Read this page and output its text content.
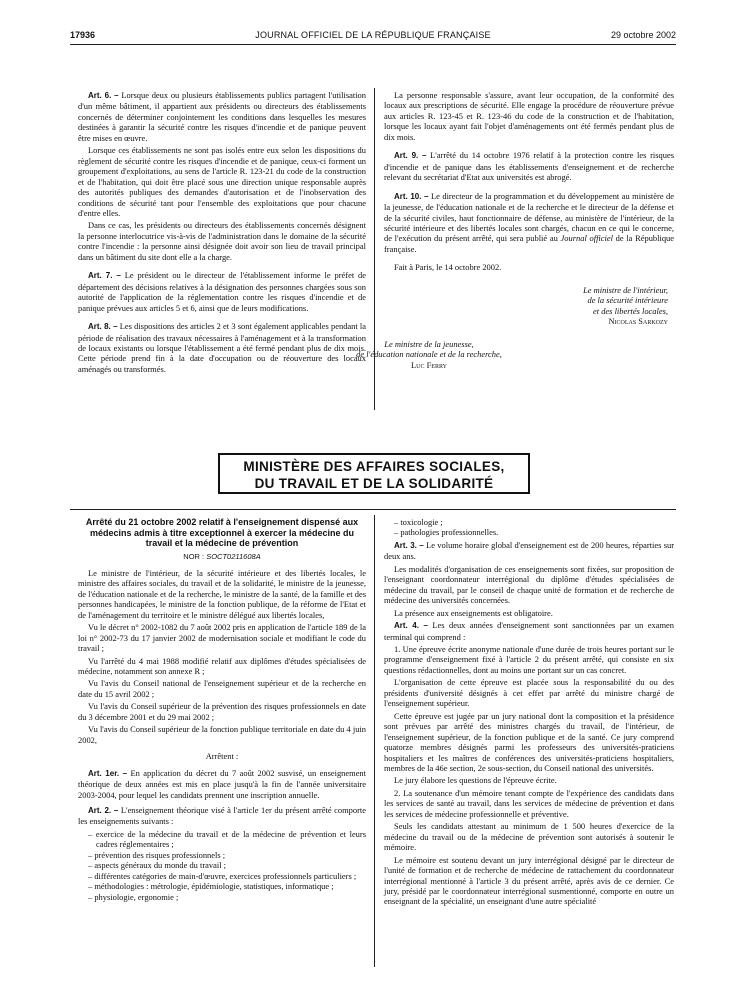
17936	JOURNAL OFFICIEL DE LA RÉPUBLIQUE FRANÇAISE	29 octobre 2002

Art. 6. – Lorsque deux ou plusieurs établissements publics partagent l'utilisation d'un même bâtiment, il appartient aux présidents ou directeurs des établissements concernés de déterminer conjointement les conditions dans lesquelles les mesures destinées à garantir la sécurité contre les risques d'incendie et de panique peuvent être mises en œuvre.

Lorsque ces établissements ne sont pas isolés entre eux selon les dispositions du règlement de sécurité contre les risques d'incendie et de panique, ceux-ci forment un groupement d'exploitations, au sens de l'article R. 123-21 du code de la construction et de l'habitation, qui doit être placé sous une direction unique responsable auprès des autorités publiques des demandes d'autorisation et de l'inobservation des conditions de sécurité tant pour l'ensemble des exploitations que pour chacune d'entre elles.

Dans ce cas, les présidents ou directeurs des établissements concernés désignent la personne interlocutrice vis-à-vis de l'administration dans le domaine de la sécurité contre l'incendie : la personne ainsi désignée doit avoir son lieu de travail principal dans un bâtiment du site dont elle a la charge.

Art. 7. – Le président ou le directeur de l'établissement informe le préfet de département des décisions relatives à la désignation des personnes chargées sous son autorité de l'application de la réglementation contre les risques d'incendie et de panique prévues aux articles 5 et 6, ainsi que de leurs modifications.

Art. 8. – Les dispositions des articles 2 et 3 sont également applicables pendant la période de réalisation des travaux nécessaires à l'aménagement et à la transformation de locaux existants ou lorsque l'établissement a été fermé pendant plus de dix mois. Cette période prend fin à la date d'occupation ou de réouverture des locaux aménagés ou transformés.

La personne responsable s'assure, avant leur occupation, de la conformité des locaux aux prescriptions de sécurité. Elle engage la procédure de réouverture prévue aux articles R. 123-45 et R. 123-46 du code de la construction et de l'habitation, lorsque les locaux ayant fait l'objet d'aménagements ont été fermés pendant plus de dix mois.

Art. 9. – L'arrêté du 14 octobre 1976 relatif à la protection contre les risques d'incendie et de panique dans les établissements d'enseignement et de recherche relevant du secrétariat d'Etat aux universités est abrogé.

Art. 10. – Le directeur de la programmation et du développement au ministère de la jeunesse, de l'éducation nationale et de la recherche et le directeur de la défense et de la sécurité civiles, haut fonctionnaire de défense, au ministère de l'intérieur, de la sécurité intérieure et des libertés locales sont chargés, chacun en ce qui le concerne, de l'exécution du présent arrêté, qui sera publié au Journal officiel de la République française.

Fait à Paris, le 14 octobre 2002.

Le ministre de l'intérieur,

de la sécurité intérieure

et des libertés locales,

Nicolas Sarkozy

Le ministre de la jeunesse,

de l'éducation nationale et de la recherche,

Luc Ferry

MINISTÈRE DES AFFAIRES SOCIALES,
DU TRAVAIL ET DE LA SOLIDARITÉ

Arrêté du 21 octobre 2002 relatif à l'enseignement dispensé aux médecins admis à titre exceptionnel à exercer la médecine du travail et la médecine de prévention

NOR : SOCT0211608A

Le ministre de l'intérieur, de la sécurité intérieure et des libertés locales, le ministre des affaires sociales, du travail et de la solidarité, le ministre de la jeunesse, de l'éducation nationale et de la recherche, le ministre de la santé, de la famille et des personnes handicapées, le ministre de la fonction publique, de la réforme de l'Etat et de l'aménagement du territoire et le ministre délégué aux libertés locales,

Vu le décret n° 2002-1082 du 7 août 2002 pris en application de l'article 189 de la loi n° 2002-73 du 17 janvier 2002 de modernisation sociale et modifiant le code du travail ;

Vu l'arrêté du 4 mai 1988 modifié relatif aux diplômes d'études spécialisées de médecine, notamment son annexe R ;

Vu l'avis du Conseil national de l'enseignement supérieur et de la recherche en date du 15 avril 2002 ;

Vu l'avis du Conseil supérieur de la prévention des risques professionnels en date du 3 décembre 2001 et du 29 mai 2002 ;

Vu l'avis du Conseil supérieur de la fonction publique territoriale en date du 4 juin 2002,

Arrêtent :

Art. 1er. – En application du décret du 7 août 2002 susvisé, un enseignement théorique de deux années est mis en place jusqu'à la fin de l'année universitaire 2003-2004, pour lequel les candidats prennent une inscription annuelle.

Art. 2. – L'enseignement théorique visé à l'article 1er du présent arrêté comporte les enseignements suivants :

– exercice de la médecine du travail et de la médecine de prévention et leurs cadres réglementaires ;
– prévention des risques professionnels ;
– aspects généraux du monde du travail ;
– différentes catégories de main-d'œuvre, exercices professionnels particuliers ;
– méthodologies : métrologie, épidémiologie, statistiques, informatique ;
– physiologie, ergonomie ;
– toxicologie ;
– pathologies professionnelles.

Art. 3. – Le volume horaire global d'enseignement est de 200 heures, réparties sur deux ans.

Les modalités d'organisation de ces enseignements sont fixées, sur proposition de l'enseignant coordonnateur interrégional du diplôme d'études spécialisées de médecine du travail, par le conseil de chaque unité de formation et de recherche de médecine des universités concernées.

La présence aux enseignements est obligatoire.

Art. 4. – Les deux années d'enseignement sont sanctionnées par un examen terminal qui comprend :

1. Une épreuve écrite anonyme nationale d'une durée de trois heures portant sur le programme d'enseignement fixé à l'article 2 du présent arrêté, qui consiste en six questions rédactionnelles, dont au moins une portant sur un cas concret.

L'organisation de cette épreuve est placée sous la responsabilité du ou des présidents d'université désignés à cet effet par arrêté du ministre chargé de l'enseignement supérieur.

Cette épreuve est jugée par un jury national dont la composition et la présidence sont prévues par arrêté des ministres chargés du travail, de l'intérieur, de l'enseignement supérieur, de la fonction publique et de la santé. Ce jury comprend quatorze membres désignés parmi les professeurs des universités-praticiens hospitaliers et les maîtres de conférences des universités-praticiens hospitaliers, membres de la 46e section, 2e sous-section, du Conseil national des universités.

Le jury élabore les questions de l'épreuve écrite.

2. La soutenance d'un mémoire tenant compte de l'expérience des candidats dans les services de santé au travail, dans les services de médecine de prévention et dans les services de médecine professionnelle et préventive.

Seuls les candidats attestant au minimum de 1 500 heures d'exercice de la médecine du travail ou de la médecine de prévention sont autorisés à soutenir le mémoire.

Le mémoire est soutenu devant un jury interrégional désigné par le directeur de l'unité de formation et de recherche de médecine de rattachement du coordonnateur interrégional mentionné à l'article 3 du présent arrêté, après avis de ce dernier. Ce jury, présidé par le coordonnateur interrégional susmentionné, comporte en outre un enseignant de la spécialité, un enseignant d'une autre spécialité
